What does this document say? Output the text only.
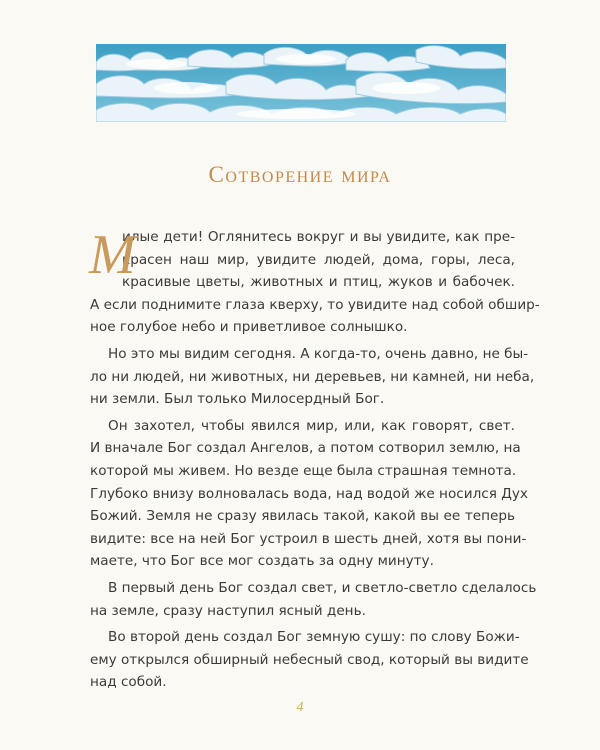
Сотворение мира
М
илые дети! Оглянитесь вокруг и вы увидите, как пре-
красен наш мир, увидите людей, дома, горы, леса,
красивые цветы, животных и птиц, жуков и бабочек.
А если поднимите глаза кверху, то увидите над собой обшир-
ное голубое небо и приветливое солнышко.
Но это мы видим сегодня. А когда-то, очень давно, не бы-
ло ни людей, ни животных, ни деревьев, ни камней, ни неба,
ни земли. Был только Милосердный Бог.
Он захотел, чтобы явился мир, или, как говорят, свет.
И вначале Бог создал Ангелов, а потом сотворил землю, на
которой мы живем. Но везде еще была страшная темнота.
Глубоко внизу волновалась вода, над водой же носился Дух
Божий. Земля не сразу явилась такой, какой вы ее теперь
видите: все на ней Бог устроил в шесть дней, хотя вы пони-
маете, что Бог все мог создать за одну минуту.
В первый день Бог создал свет, и светло-светло сделалось
на земле, сразу наступил ясный день.
Во второй день создал Бог земную сушу: по слову Божи-
ему открылся обширный небесный свод, который вы видите
над собой.
4
